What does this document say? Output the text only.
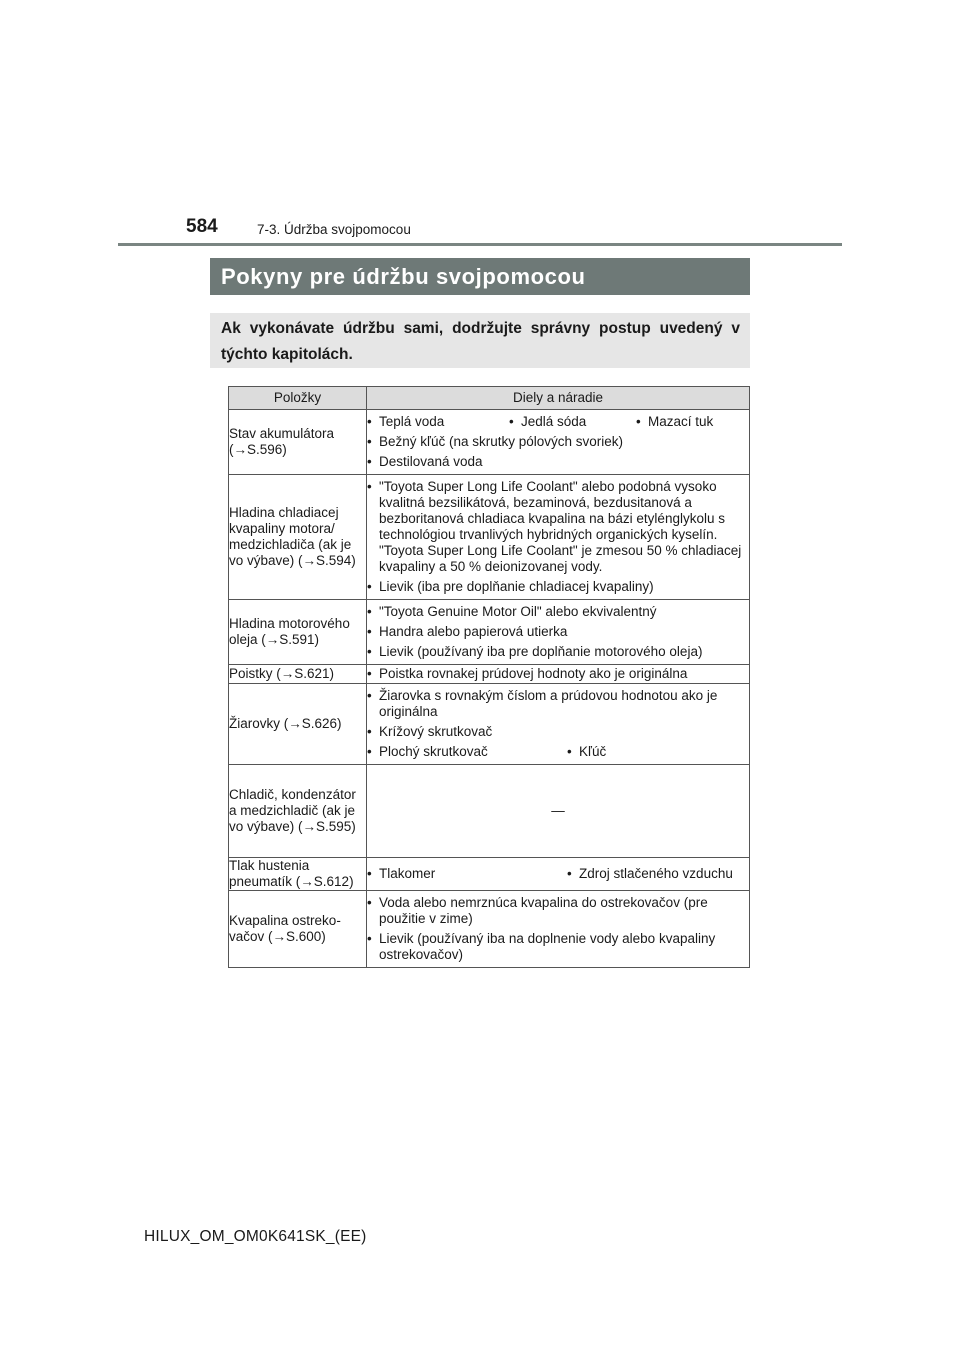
584	7-3. Údržba svojpomocou
Pokyny pre údržbu svojpomocou
Ak vykonávate údržbu sami, dodržujte správny postup uvedený v týchto kapitolách.
Položky	Diely a náradie
Stav akumulátora (→S.596)	• Teplá voda • Jedlá sóda • Mazací tuk
• Bežný kľúč (na skrutky pólových svoriek)
• Destilovaná voda

Hladina chladiacej kvapaliny motora/ medzichladiča (ak je vo výbave) (→S.594)	• "Toyota Super Long Life Coolant" alebo podobná vysoko kvalitná bezsilikátová, bezaminová, bezdusitanová a bezboritanová chladiaca kvapalina na bázi etylénglykolu s technológiou trvanlivých hybridných organických kyselín.
"Toyota Super Long Life Coolant" je zmesou 50 % chladiacej kvapaliny a 50 % deionizovanej vody.
• Lievik (iba pre doplňanie chladiacej kvapaliny)

Hladina motorového oleja (→S.591)	• "Toyota Genuine Motor Oil" alebo ekvivalentný
• Handra alebo papierová utierka
• Lievik (používaný iba pre doplňanie motorového oleja)

Poistky (→S.621)	• Poistka rovnakej prúdovej hodnoty ako je originálna

Žiarovky (→S.626)	• Žiarovka s rovnakým číslom a prúdovou hodnotou ako je originálna
• Krížový skrutkovač
• Plochý skrutkovač • Kľúč

Chladič, kondenzátor a medzichladič (ak je vo výbave) (→S.595)	—
Tlak hustenia pneumatík (→S.612)	• Tlakomer • Zdroj stlačeného vzduchu

Kvapalina ostrekovačov (→S.600)	• Voda alebo nemrznúca kvapalina do ostrekovačov (pre použitie v zime)
• Lievik (používaný iba na doplnenie vody alebo kvapaliny ostrekovačov)
HILUX_OM_OM0K641SK_(EE)
